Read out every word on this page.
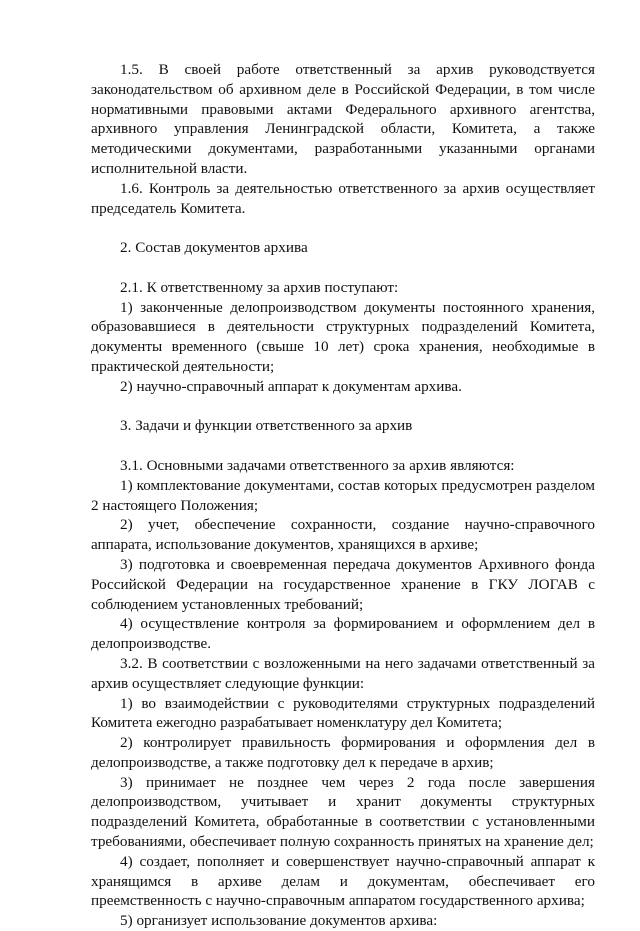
1.5. В своей работе ответственный за архив руководствуется законодательством об архивном деле в Российской Федерации, в том числе нормативными правовыми актами Федерального архивного агентства, архивного управления Ленинградской области, Комитета, а также методическими документами, разработанными указанными органами исполнительной власти.

1.6. Контроль за деятельностью ответственного за архив осуществляет председатель Комитета.

2. Состав документов архива

2.1. К ответственному за архив поступают:

1) законченные делопроизводством документы постоянного хранения, образовавшиеся в деятельности структурных подразделений Комитета, документы временного (свыше 10 лет) срока хранения, необходимые в практической деятельности;

2) научно-справочный аппарат к документам архива.

3. Задачи и функции ответственного за архив

3.1. Основными задачами ответственного за архив являются:

1) комплектование документами, состав которых предусмотрен разделом 2 настоящего Положения;

2) учет, обеспечение сохранности, создание научно-справочного аппарата, использование документов, хранящихся в архиве;

3) подготовка и своевременная передача документов Архивного фонда Российской Федерации на государственное хранение в ГКУ ЛОГАВ с соблюдением установленных требований;

4) осуществление контроля за формированием и оформлением дел в делопроизводстве.

3.2. В соответствии с возложенными на него задачами ответственный за архив осуществляет следующие функции:

1) во взаимодействии с руководителями структурных подразделений Комитета ежегодно разрабатывает номенклатуру дел Комитета;

2) контролирует правильность формирования и оформления дел в делопроизводстве, а также подготовку дел к передаче в архив;

3) принимает не позднее чем через 2 года после завершения делопроизводством, учитывает и хранит документы структурных подразделений Комитета, обработанные в соответствии с установленными требованиями, обеспечивает полную сохранность принятых на хранение дел;

4) создает, пополняет и совершенствует научно-справочный аппарат к хранящимся в архиве делам и документам, обеспечивает его преемственность с научно-справочным аппаратом государственного архива;

5) организует использование документов архива:
